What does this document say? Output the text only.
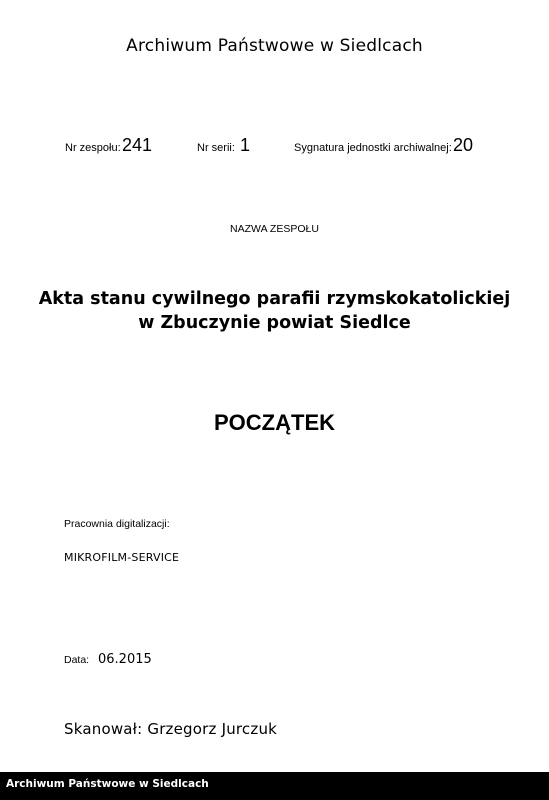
Archiwum Państwowe w Siedlcach
Nr zespołu: 241	Nr serii: 1	Sygnatura jednostki archiwalnej: 20
NAZWA ZESPOŁU
Akta stanu cywilnego parafii rzymskokatolickiej
w Zbuczynie powiat Siedlce
POCZĄTEK
Pracownia digitalizacji:
MIKROFILM-SERVICE
Data: 06.2015
Skanował: Grzegorz Jurczuk
Archiwum Państwowe w Siedlcach
